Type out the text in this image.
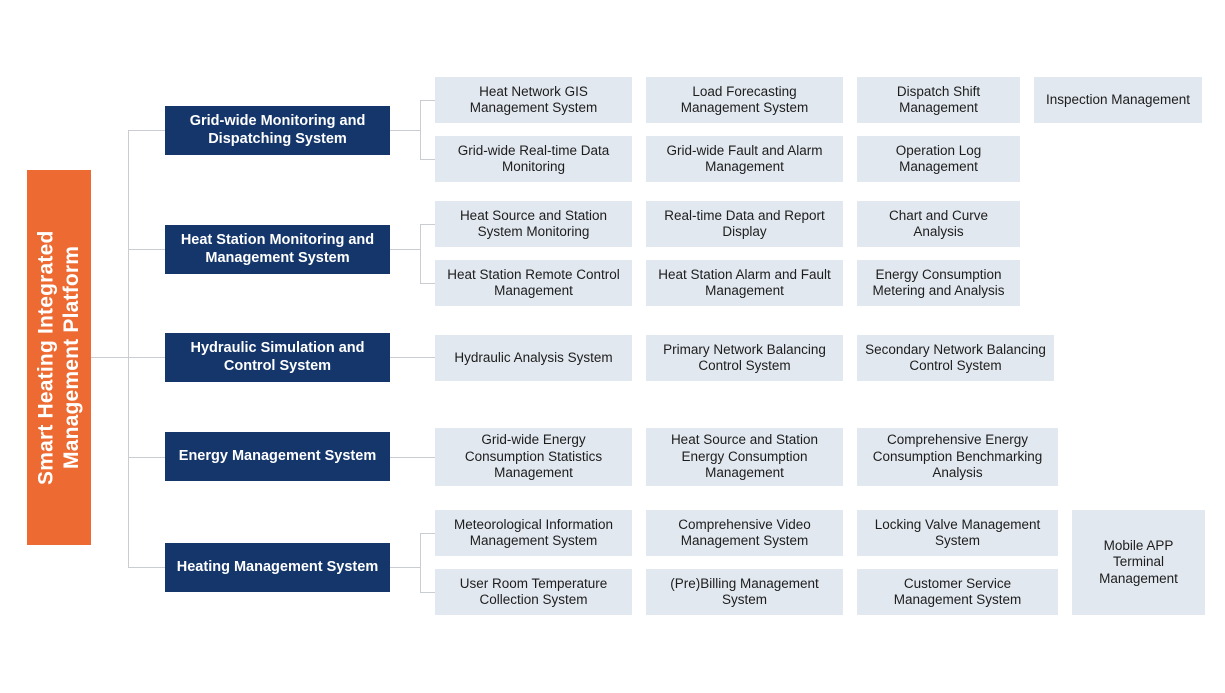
Smart Heating Integrated Management Platform
Grid-wide Monitoring and Dispatching System
Heat Network GIS Management System
Load Forecasting Management System
Dispatch Shift Management
Inspection Management
Grid-wide Real-time Data Monitoring
Grid-wide Fault and Alarm Management
Operation Log Management
Heat Station Monitoring and Management System
Heat Source and Station System Monitoring
Real-time Data and Report Display
Chart and Curve Analysis
Heat Station Remote Control Management
Heat Station Alarm and Fault Management
Energy Consumption Metering and Analysis
Hydraulic Simulation and Control System
Hydraulic Analysis System
Primary Network Balancing Control System
Secondary Network Balancing Control System
Energy Management System
Grid-wide Energy Consumption Statistics Management
Heat Source and Station Energy Consumption Management
Comprehensive Energy Consumption Benchmarking Analysis
Heating Management System
Meteorological Information Management System
Comprehensive Video Management System
Locking Valve Management System	Mobile APP Terminal Management
User Room Temperature Collection System
(Pre)Billing Management System
Customer Service Management System
